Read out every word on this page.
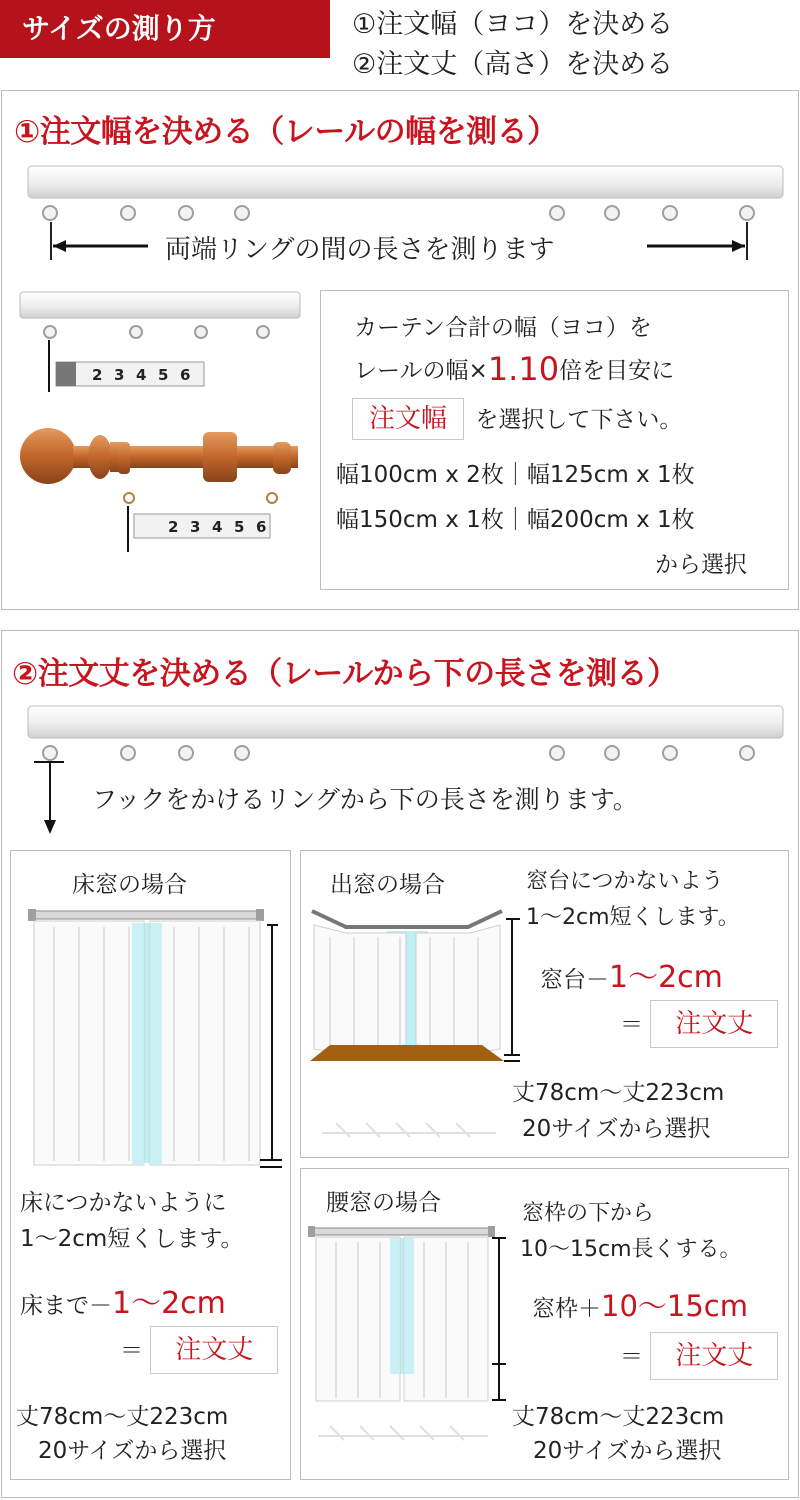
サイズの測り方	①注文幅（ヨコ）を決める
②注文丈（高さ）を決める
①注文幅を決める（レールの幅を測る）
両端リングの間の長さを測ります
2 3 4 5 6
2 3 4 5 6
カーテン合計の幅（ヨコ）を
レールの幅×1.10倍を目安に
注文幅 を選択して下さい。
幅100cm x 2枚｜幅125cm x 1枚
幅150cm x 1枚｜幅200cm x 1枚
から選択
②注文丈を決める（レールから下の長さを測る）
フックをかけるリングから下の長さを測ります。
床窓の場合
床につかないように
1〜2cm短くします。
床まで－1〜2cm
＝ 注文丈
丈78cm〜丈223cm
20サイズから選択
出窓の場合	窓台につかないよう
1〜2cm短くします。
窓台－1〜2cm
＝ 注文丈
丈78cm〜丈223cm
20サイズから選択
腰窓の場合	窓枠の下から
10〜15cm長くする。
窓枠＋10〜15cm
＝ 注文丈
丈78cm〜丈223cm
20サイズから選択
